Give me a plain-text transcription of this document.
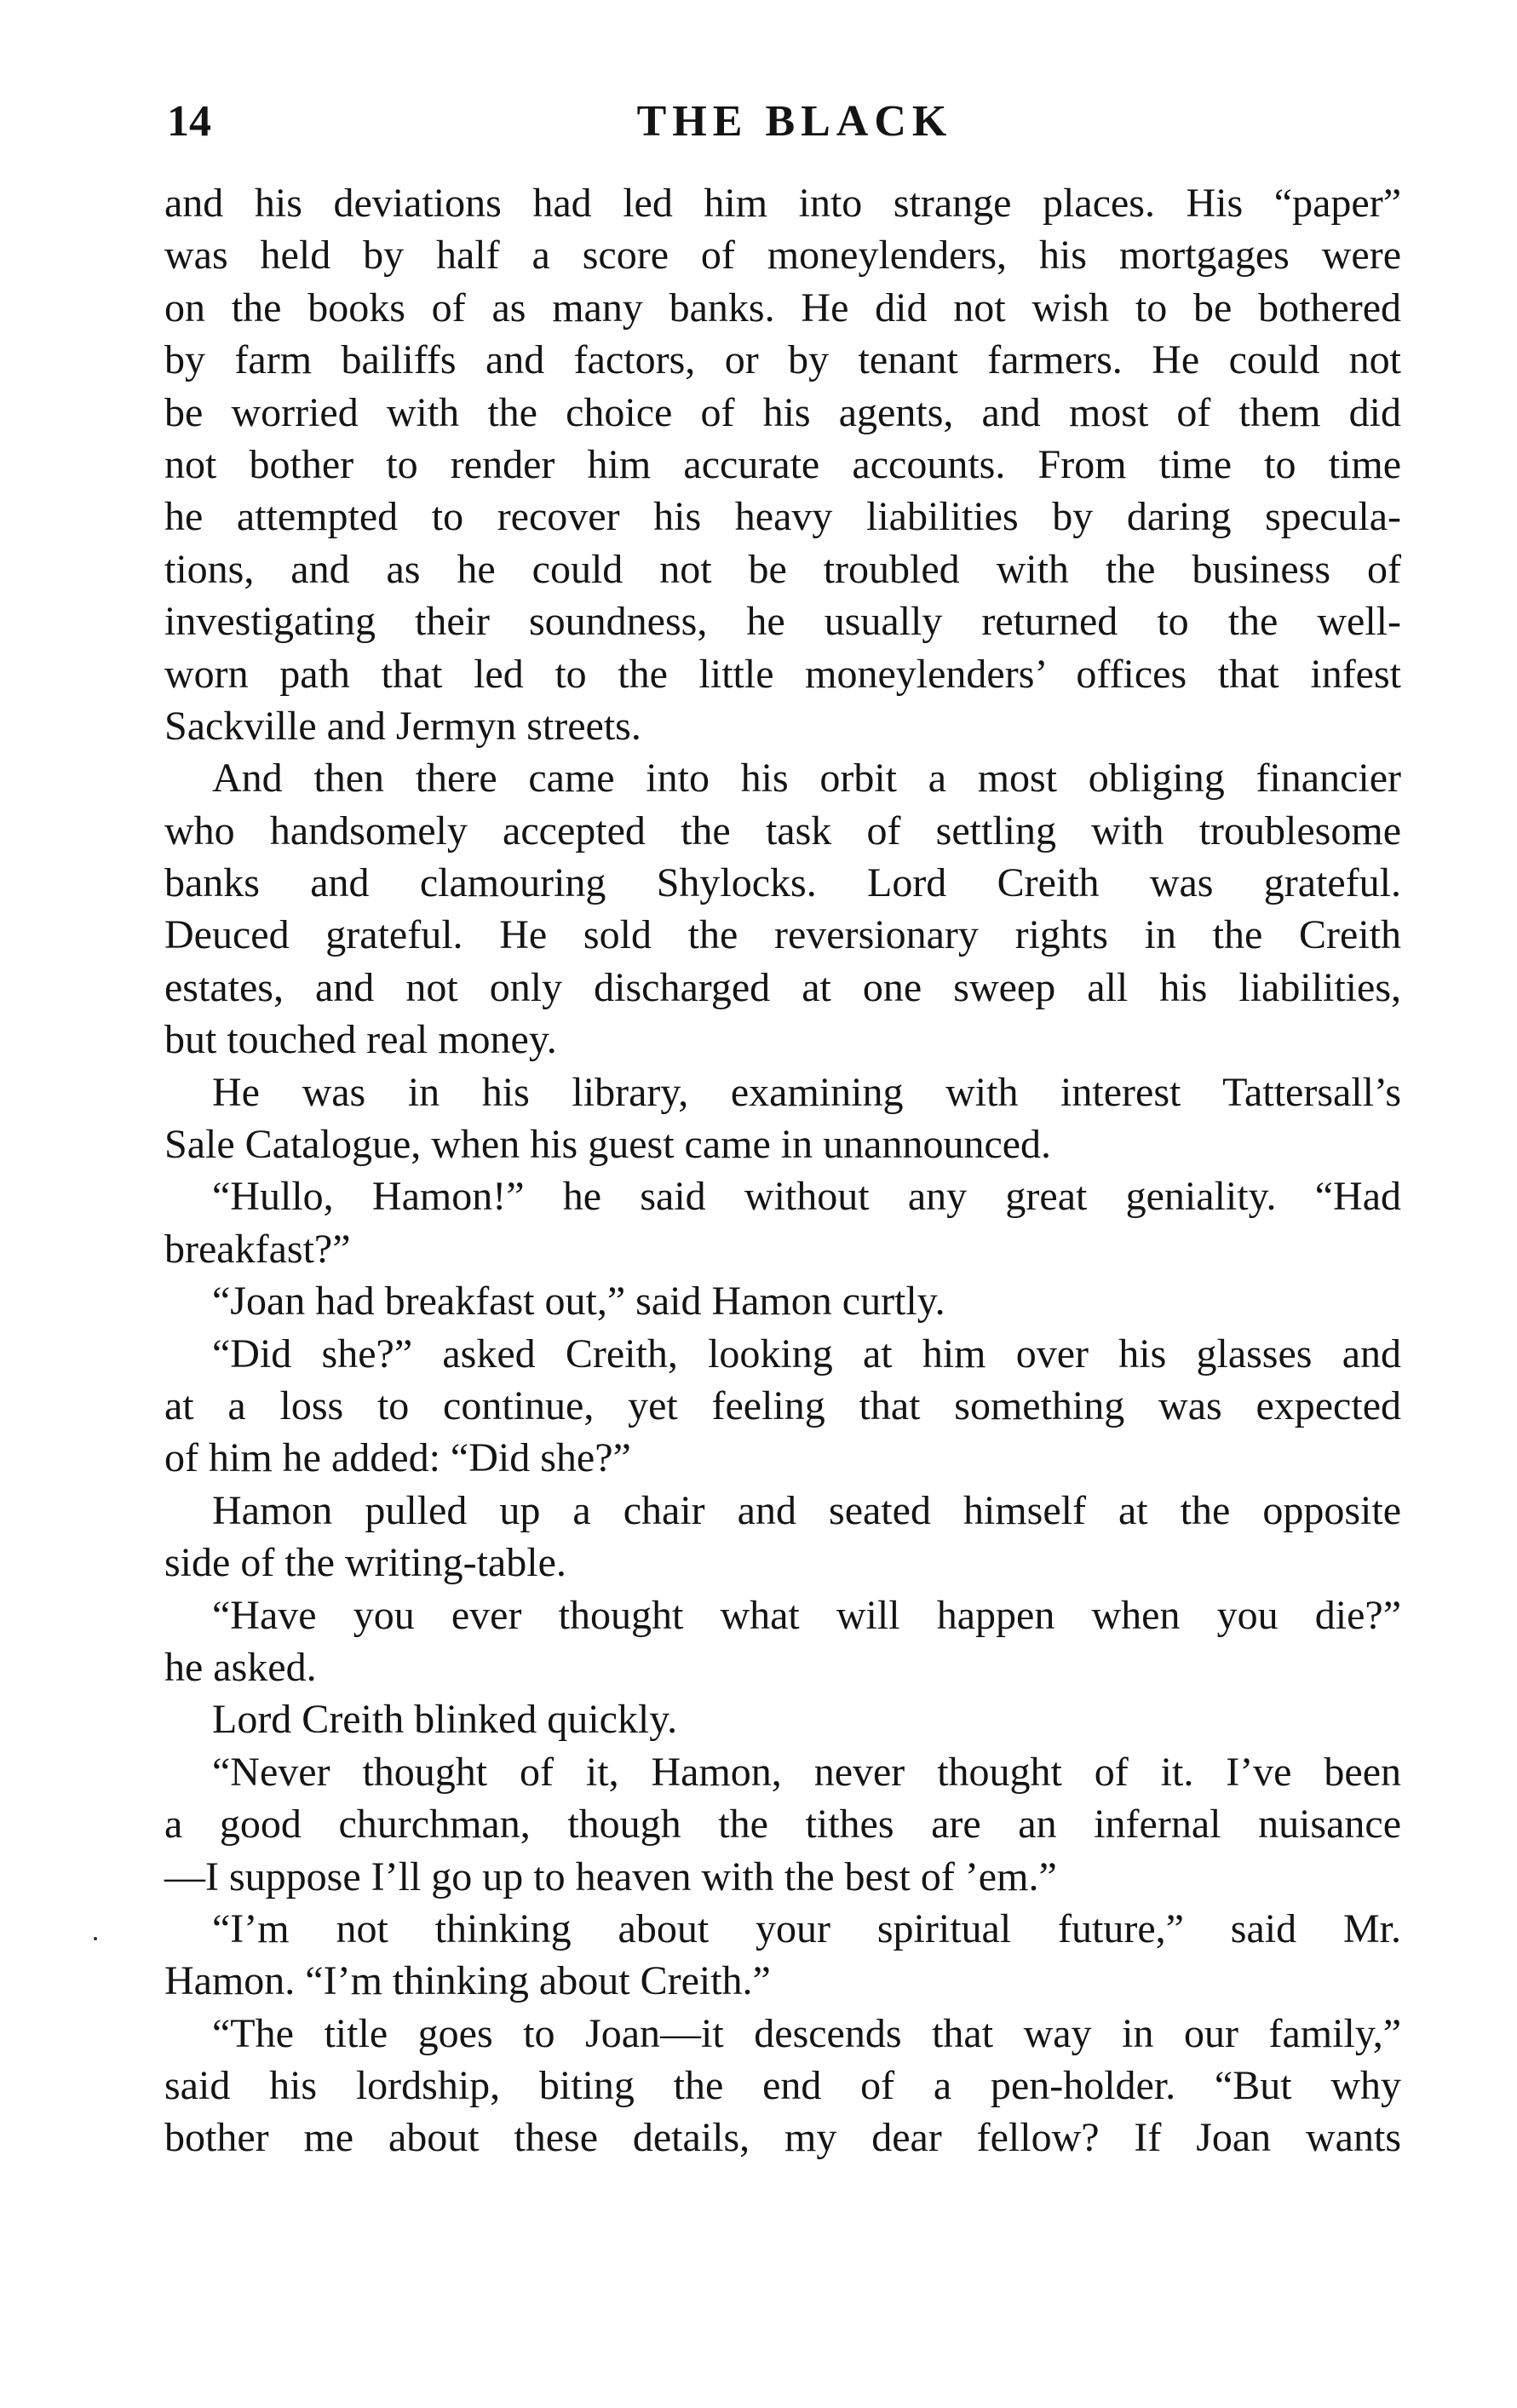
14	THE BLACK
and his deviations had led him into strange places. His “paper”
was held by half a score of moneylenders, his mortgages were
on the books of as many banks. He did not wish to be bothered
by farm bailiffs and factors, or by tenant farmers. He could not
be worried with the choice of his agents, and most of them did
not bother to render him accurate accounts. From time to time
he attempted to recover his heavy liabilities by daring specula-
tions, and as he could not be troubled with the business of
investigating their soundness, he usually returned to the well-
worn path that led to the little moneylenders’ offices that infest
Sackville and Jermyn streets.
And then there came into his orbit a most obliging financier
who handsomely accepted the task of settling with troublesome
banks and clamouring Shylocks. Lord Creith was grateful.
Deuced grateful. He sold the reversionary rights in the Creith
estates, and not only discharged at one sweep all his liabilities,
but touched real money.
He was in his library, examining with interest Tattersall’s
Sale Catalogue, when his guest came in unannounced.
“Hullo, Hamon!” he said without any great geniality. “Had
breakfast?”
“Joan had breakfast out,” said Hamon curtly.
“Did she?” asked Creith, looking at him over his glasses and
at a loss to continue, yet feeling that something was expected
of him he added: “Did she?”
Hamon pulled up a chair and seated himself at the opposite
side of the writing-table.
“Have you ever thought what will happen when you die?”
he asked.
Lord Creith blinked quickly.
“Never thought of it, Hamon, never thought of it. I’ve been
a good churchman, though the tithes are an infernal nuisance
—I suppose I’ll go up to heaven with the best of ’em.”
“I’m not thinking about your spiritual future,” said Mr.
Hamon. “I’m thinking about Creith.”
“The title goes to Joan—it descends that way in our family,”
said his lordship, biting the end of a pen-holder. “But why
bother me about these details, my dear fellow? If Joan wants
